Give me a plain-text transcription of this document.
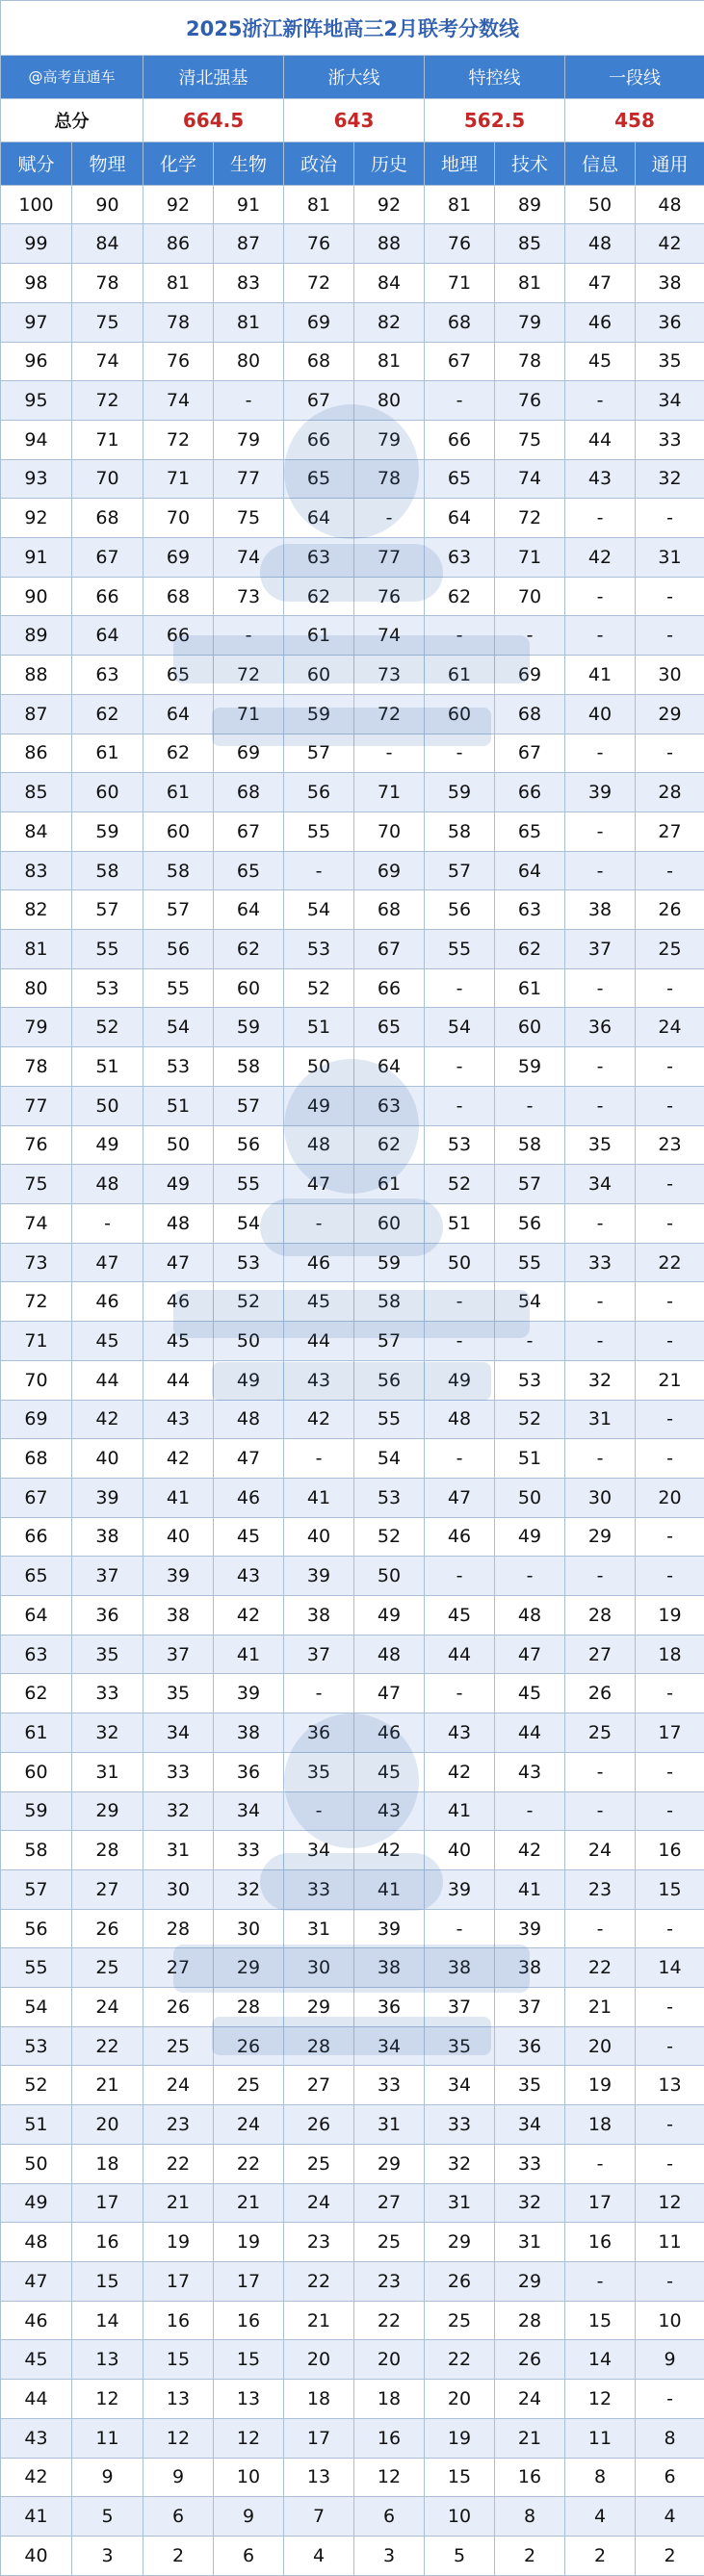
2025浙江新阵地高三2月联考分数线									
@高考直通车		清北强基		浙大线		特控线		一段线	
总分		664.5		643		562.5		458	
赋分	物理	化学	生物	政治	历史	地理	技术	信息	通用
100	90	92	91	81	92	81	89	50	48
99	84	86	87	76	88	76	85	48	42
98	78	81	83	72	84	71	81	47	38
97	75	78	81	69	82	68	79	46	36
96	74	76	80	68	81	67	78	45	35
95	72	74	-	67	80	-	76	-	34
94	71	72	79	66	79	66	75	44	33
93	70	71	77	65	78	65	74	43	32
92	68	70	75	64	-	64	72	-	-
91	67	69	74	63	77	63	71	42	31
90	66	68	73	62	76	62	70	-	-
89	64	66	-	61	74	-	-	-	-
88	63	65	72	60	73	61	69	41	30
87	62	64	71	59	72	60	68	40	29
86	61	62	69	57	-	-	67	-	-
85	60	61	68	56	71	59	66	39	28
84	59	60	67	55	70	58	65	-	27
83	58	58	65	-	69	57	64	-	-
82	57	57	64	54	68	56	63	38	26
81	55	56	62	53	67	55	62	37	25
80	53	55	60	52	66	-	61	-	-
79	52	54	59	51	65	54	60	36	24
78	51	53	58	50	64	-	59	-	-
77	50	51	57	49	63	-	-	-	-
76	49	50	56	48	62	53	58	35	23
75	48	49	55	47	61	52	57	34	-
74	-	48	54	-	60	51	56	-	-
73	47	47	53	46	59	50	55	33	22
72	46	46	52	45	58	-	54	-	-
71	45	45	50	44	57	-	-	-	-
70	44	44	49	43	56	49	53	32	21
69	42	43	48	42	55	48	52	31	-
68	40	42	47	-	54	-	51	-	-
67	39	41	46	41	53	47	50	30	20
66	38	40	45	40	52	46	49	29	-
65	37	39	43	39	50	-	-	-	-
64	36	38	42	38	49	45	48	28	19
63	35	37	41	37	48	44	47	27	18
62	33	35	39	-	47	-	45	26	-
61	32	34	38	36	46	43	44	25	17
60	31	33	36	35	45	42	43	-	-
59	29	32	34	-	43	41	-	-	-
58	28	31	33	34	42	40	42	24	16
57	27	30	32	33	41	39	41	23	15
56	26	28	30	31	39	-	39	-	-
55	25	27	29	30	38	38	38	22	14
54	24	26	28	29	36	37	37	21	-
53	22	25	26	28	34	35	36	20	-
52	21	24	25	27	33	34	35	19	13
51	20	23	24	26	31	33	34	18	-
50	18	22	22	25	29	32	33	-	-
49	17	21	21	24	27	31	32	17	12
48	16	19	19	23	25	29	31	16	11
47	15	17	17	22	23	26	29	-	-
46	14	16	16	21	22	25	28	15	10
45	13	15	15	20	20	22	26	14	9
44	12	13	13	18	18	20	24	12	-
43	11	12	12	17	16	19	21	11	8
42	9	9	10	13	12	15	16	8	6
41	5	6	9	7	6	10	8	4	4
40	3	2	6	4	3	5	2	2	2
